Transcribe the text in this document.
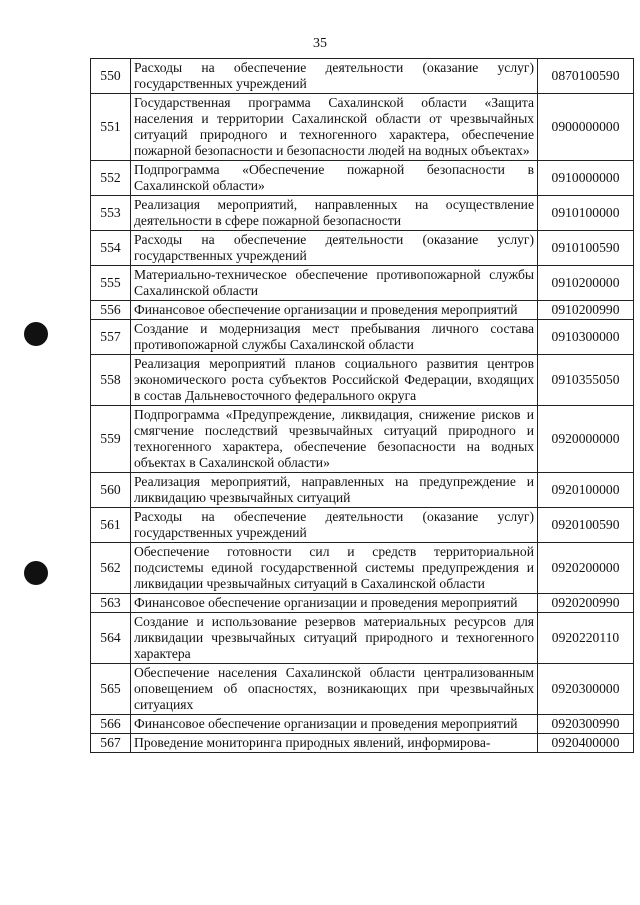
35
550	Расходы на обеспечение деятельности (оказание услуг) государственных учреждений	0870100590
551	Государственная программа Сахалинской области «Защита населения и территории Сахалинской области от чрезвычайных ситуаций природного и техногенного характера, обеспечение пожарной безопасности и безопасности людей на водных объектах»	0900000000
552	Подпрограмма «Обеспечение пожарной безопасности в Сахалинской области»	0910000000
553	Реализация мероприятий, направленных на осуществление деятельности в сфере пожарной безопасности	0910100000
554	Расходы на обеспечение деятельности (оказание услуг) государственных учреждений	0910100590
555	Материально-техническое обеспечение противопожарной службы Сахалинской области	0910200000
556	Финансовое обеспечение организации и проведения мероприятий	0910200990
557	Создание и модернизация мест пребывания личного состава противопожарной службы Сахалинской области	0910300000
558	Реализация мероприятий планов социального развития центров экономического роста субъектов Российской Федерации, входящих в состав Дальневосточного федерального округа	0910355050
559	Подпрограмма «Предупреждение, ликвидация, снижение рисков и смягчение последствий чрезвычайных ситуаций природного и техногенного характера, обеспечение безопасности на водных объектах в Сахалинской области»	0920000000
560	Реализация мероприятий, направленных на предупреждение и ликвидацию чрезвычайных ситуаций	0920100000
561	Расходы на обеспечение деятельности (оказание услуг) государственных учреждений	0920100590
562	Обеспечение готовности сил и средств территориальной подсистемы единой государственной системы предупреждения и ликвидации чрезвычайных ситуаций в Сахалинской области	0920200000
563	Финансовое обеспечение организации и проведения мероприятий	0920200990
564	Создание и использование резервов материальных ресурсов для ликвидации чрезвычайных ситуаций природного и техногенного характера	0920220110
565	Обеспечение населения Сахалинской области централизованным оповещением об опасностях, возникающих при чрезвычайных ситуациях	0920300000
566	Финансовое обеспечение организации и проведения мероприятий	0920300990
567	Проведение мониторинга природных явлений, информирова-	0920400000
